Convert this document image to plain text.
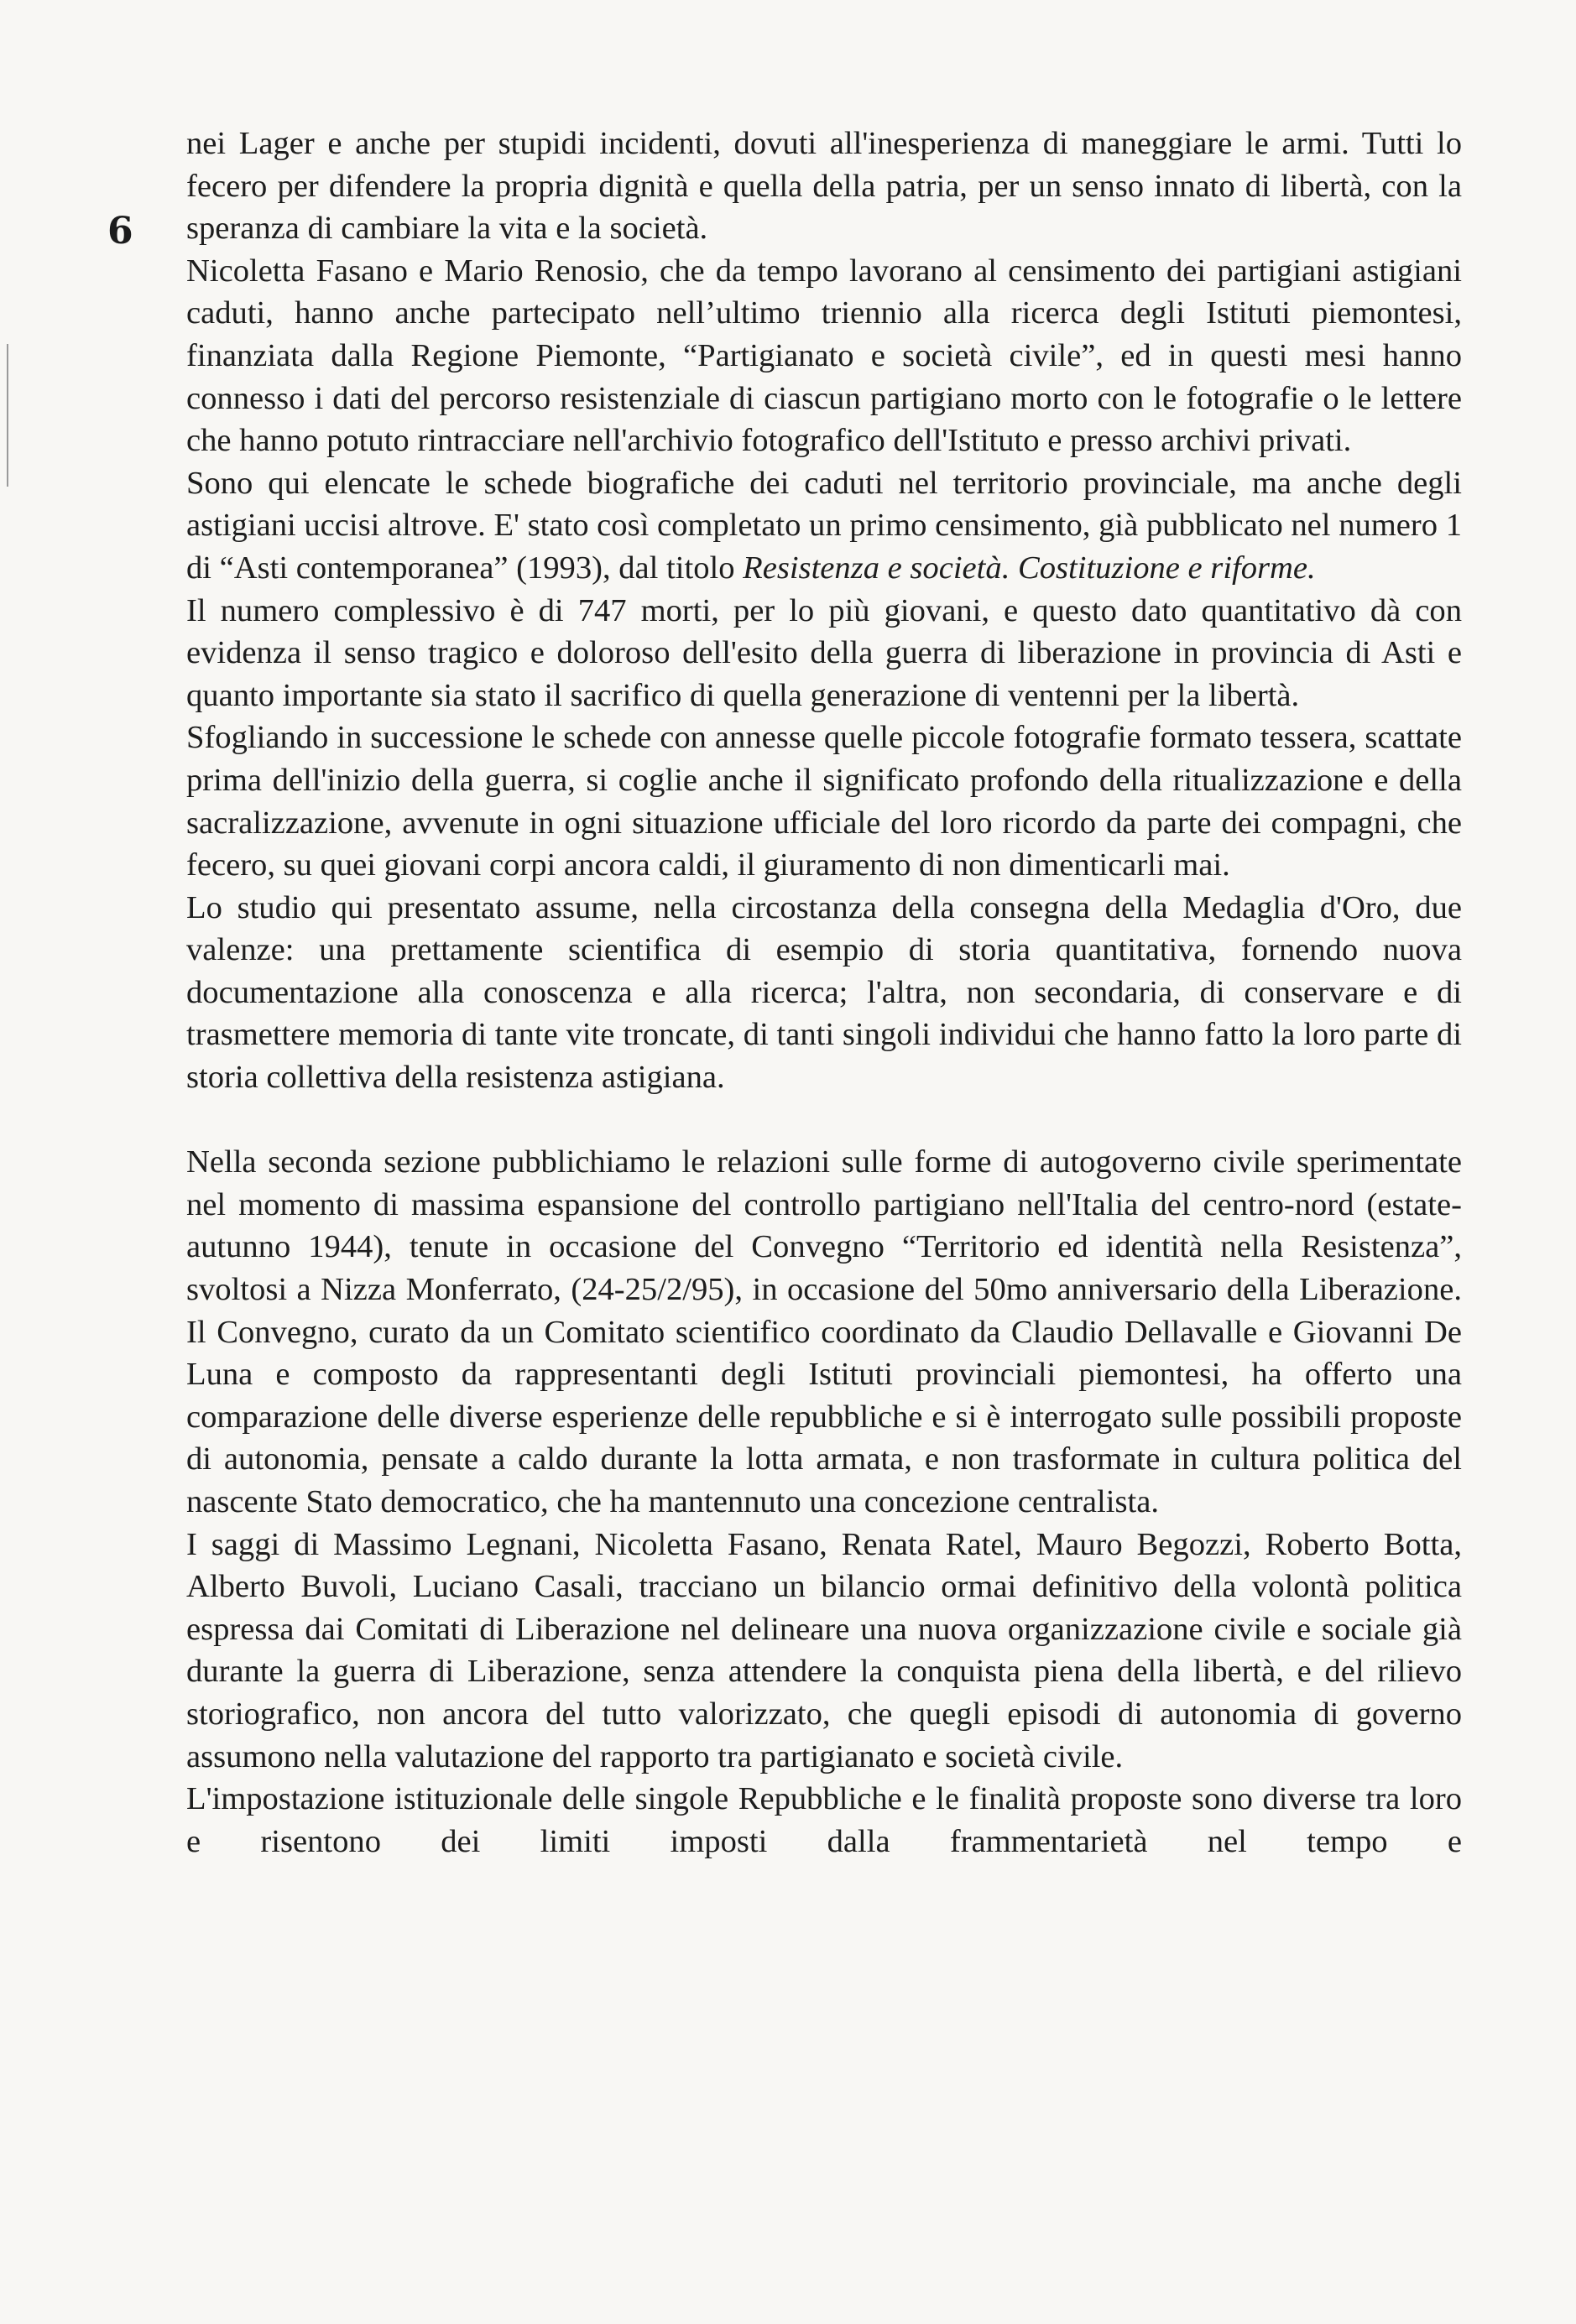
6

nei Lager e anche per stupidi incidenti, dovuti all'inesperienza di maneggiare le armi. Tutti lo fecero per difendere la propria dignità e quella della patria, per un senso innato di libertà, con la speranza di cambiare la vita e la società.

Nicoletta Fasano e Mario Renosio, che da tempo lavorano al censimento dei partigiani astigiani caduti, hanno anche partecipato nell’ultimo triennio alla ricerca degli Istituti piemontesi, finanziata dalla Regione Piemonte, “Partigianato e società civile”, ed in questi mesi hanno connesso i dati del percorso resistenziale di ciascun partigiano morto con le fotografie o le lettere che hanno potuto rintracciare nell'archivio fotografico dell'Istituto e presso archivi privati.

Sono qui elencate le schede biografiche dei caduti nel territorio provinciale, ma anche degli astigiani uccisi altrove. E' stato così completato un primo censimento, già pubblicato nel numero 1 di “Asti contemporanea” (1993), dal titolo Resistenza e società. Costituzione e riforme.

Il numero complessivo è di 747 morti, per lo più giovani, e questo dato quantitativo dà con evidenza il senso tragico e doloroso dell'esito della guerra di liberazione in provincia di Asti e quanto importante sia stato il sacrifico di quella generazione di ventenni per la libertà.

Sfogliando in successione le schede con annesse quelle piccole fotografie formato tessera, scattate prima dell'inizio della guerra, si coglie anche il significato profondo della ritualizzazione e della sacralizzazione, avvenute in ogni situazione ufficiale del loro ricordo da parte dei compagni, che fecero, su quei giovani corpi ancora caldi, il giuramento di non dimenticarli mai.

Lo studio qui presentato assume, nella circostanza della consegna della Medaglia d'Oro, due valenze: una prettamente scientifica di esempio di storia quantitativa, fornendo nuova documentazione alla conoscenza e alla ricerca; l'altra, non secondaria, di conservare e di trasmettere memoria di tante vite troncate, di tanti singoli individui che hanno fatto la loro parte di storia collettiva della resistenza astigiana.

Nella seconda sezione pubblichiamo le relazioni sulle forme di autogoverno civile sperimentate nel momento di massima espansione del controllo partigiano nell'Italia del centro-nord (estate-autunno 1944), tenute in occasione del Convegno “Territorio ed identità nella Resistenza”, svoltosi a Nizza Monferrato, (24-25/2/95), in occasione del 50mo anniversario della Liberazione. Il Convegno, curato da un Comitato scientifico coordinato da Claudio Dellavalle e Giovanni De Luna e composto da rappresentanti degli Istituti provinciali piemontesi, ha offerto una comparazione delle diverse esperienze delle repubbliche e si è interrogato sulle possibili proposte di autonomia, pensate a caldo durante la lotta armata, e non trasformate in cultura politica del nascente Stato democratico, che ha mantennuto una concezione centralista.

I saggi di Massimo Legnani, Nicoletta Fasano, Renata Ratel, Mauro Begozzi, Roberto Botta, Alberto Buvoli, Luciano Casali, tracciano un bilancio ormai definitivo della volontà politica espressa dai Comitati di Liberazione nel delineare una nuova organizzazione civile e sociale già durante la guerra di Liberazione, senza attendere la conquista piena della libertà, e del rilievo storiografico, non ancora del tutto valorizzato, che quegli episodi di autonomia di governo assumono nella valutazione del rapporto tra partigianato e società civile.

L'impostazione istituzionale delle singole Repubbliche e le finalità proposte sono diverse tra loro e risentono dei limiti imposti dalla frammentarietà nel tempo e
